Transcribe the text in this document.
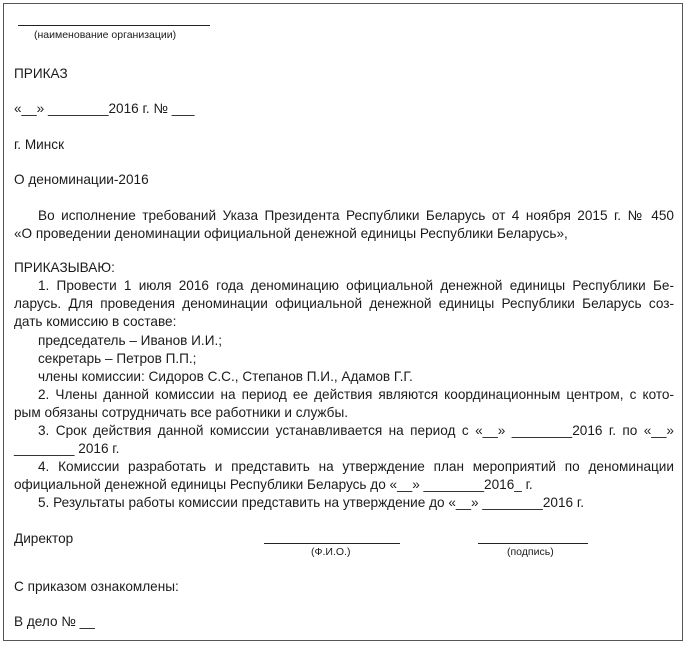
(наименование организации)
ПРИКАЗ
«__» ________2016 г. № ___
г. Минск
О деноминации-2016
Во исполнение требований Указа Президента Республики Беларусь от 4 ноября 2015 г. № 450
«О проведении деноминации официальной денежной единицы Республики Беларусь»,
ПРИКАЗЫВАЮ:
1. Провести 1 июля 2016 года деноминацию официальной денежной единицы Республики Бе-
ларусь. Для проведения деноминации официальной денежной единицы Республики Беларусь соз-
дать комиссию в составе:
председатель – Иванов И.И.;
секретарь – Петров П.П.;
члены комиссии: Сидоров С.С., Степанов П.И., Адамов Г.Г.
2. Члены данной комиссии на период ее действия являются координационным центром, с кото-
рым обязаны сотрудничать все работники и службы.
3. Срок действия данной комиссии устанавливается на период с «__» ________2016 г. по «__»
________ 2016 г.
4. Комиссии разработать и представить на утверждение план мероприятий по деноминации
официальной денежной единицы Республики Беларусь до «__» ________2016_ г.
5. Результаты работы комиссии представить на утверждение до «__» ________2016 г.
Директор
(Ф.И.О.)	(подпись)
С приказом ознакомлены:
В дело № __
